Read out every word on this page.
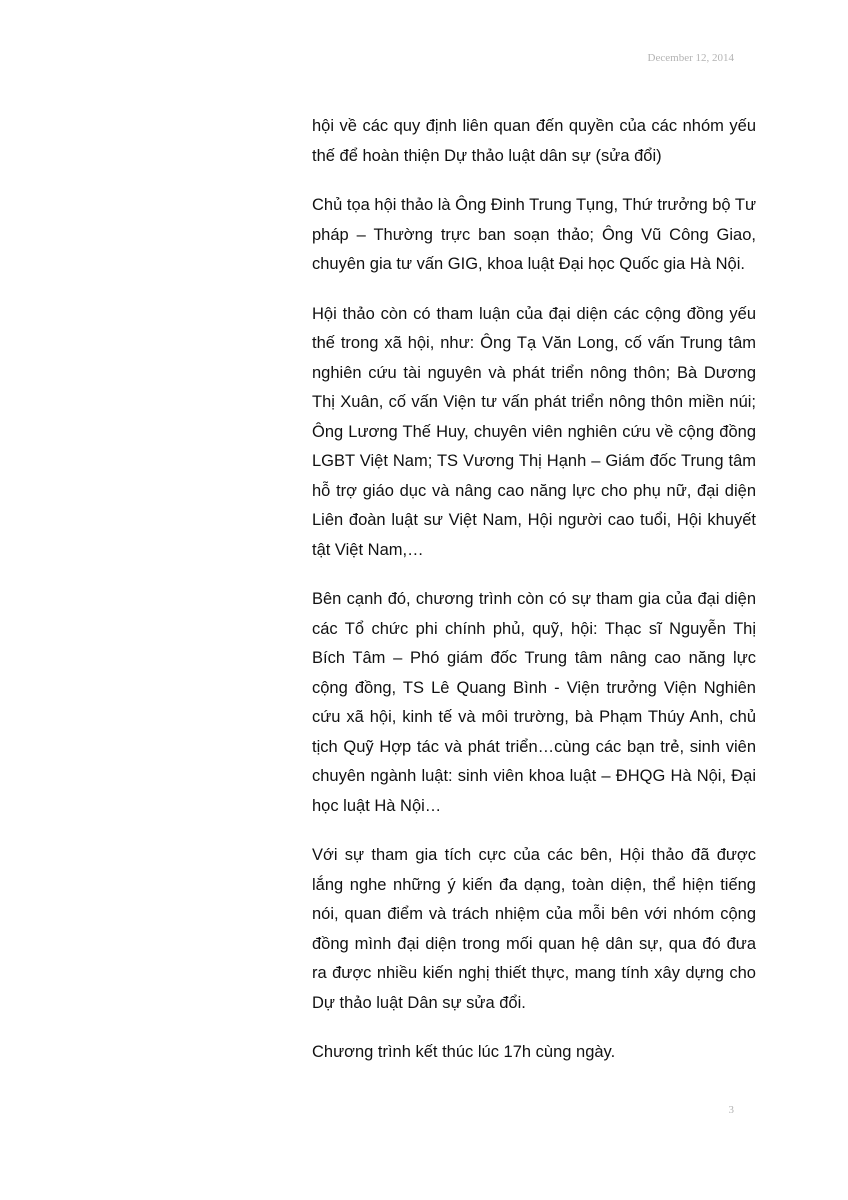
December 12, 2014

hội về các quy định liên quan đến quyền của các nhóm yếu thế để hoàn thiện Dự thảo luật dân sự (sửa đổi)

Chủ tọa hội thảo là Ông Đinh Trung Tụng, Thứ trưởng bộ Tư pháp – Thường trực ban soạn thảo; Ông Vũ Công Giao, chuyên gia tư vấn GIG, khoa luật Đại học Quốc gia Hà Nội.

Hội thảo còn có tham luận của đại diện các cộng đồng yếu thế trong xã hội, như: Ông Tạ Văn Long, cố vấn Trung tâm nghiên cứu tài nguyên và phát triển nông thôn; Bà Dương Thị Xuân, cố vấn Viện tư vấn phát triển nông thôn miền núi; Ông Lương Thế Huy, chuyên viên nghiên cứu về cộng đồng LGBT Việt Nam; TS Vương Thị Hạnh – Giám đốc Trung tâm hỗ trợ giáo dục và nâng cao năng lực cho phụ nữ, đại diện Liên đoàn luật sư Việt Nam, Hội người cao tuổi, Hội khuyết tật Việt Nam,…

Bên cạnh đó, chương trình còn có sự tham gia của đại diện các Tổ chức phi chính phủ, quỹ, hội: Thạc sĩ Nguyễn Thị Bích Tâm – Phó giám đốc Trung tâm nâng cao năng lực cộng đồng, TS Lê Quang Bình - Viện trưởng Viện Nghiên cứu xã hội, kinh tế và môi trường, bà Phạm Thúy Anh, chủ tịch Quỹ Hợp tác và phát triển…cùng các bạn trẻ, sinh viên chuyên ngành luật: sinh viên khoa luật – ĐHQG Hà Nội, Đại học luật Hà Nội…

Với sự tham gia tích cực của các bên, Hội thảo đã được lắng nghe những ý kiến đa dạng, toàn diện, thể hiện tiếng nói, quan điểm và trách nhiệm của mỗi bên với nhóm cộng đồng mình đại diện trong mối quan hệ dân sự, qua đó đưa ra được nhiều kiến nghị thiết thực, mang tính xây dựng cho Dự thảo luật Dân sự sửa đổi.

Chương trình kết thúc lúc 17h cùng ngày.

3
